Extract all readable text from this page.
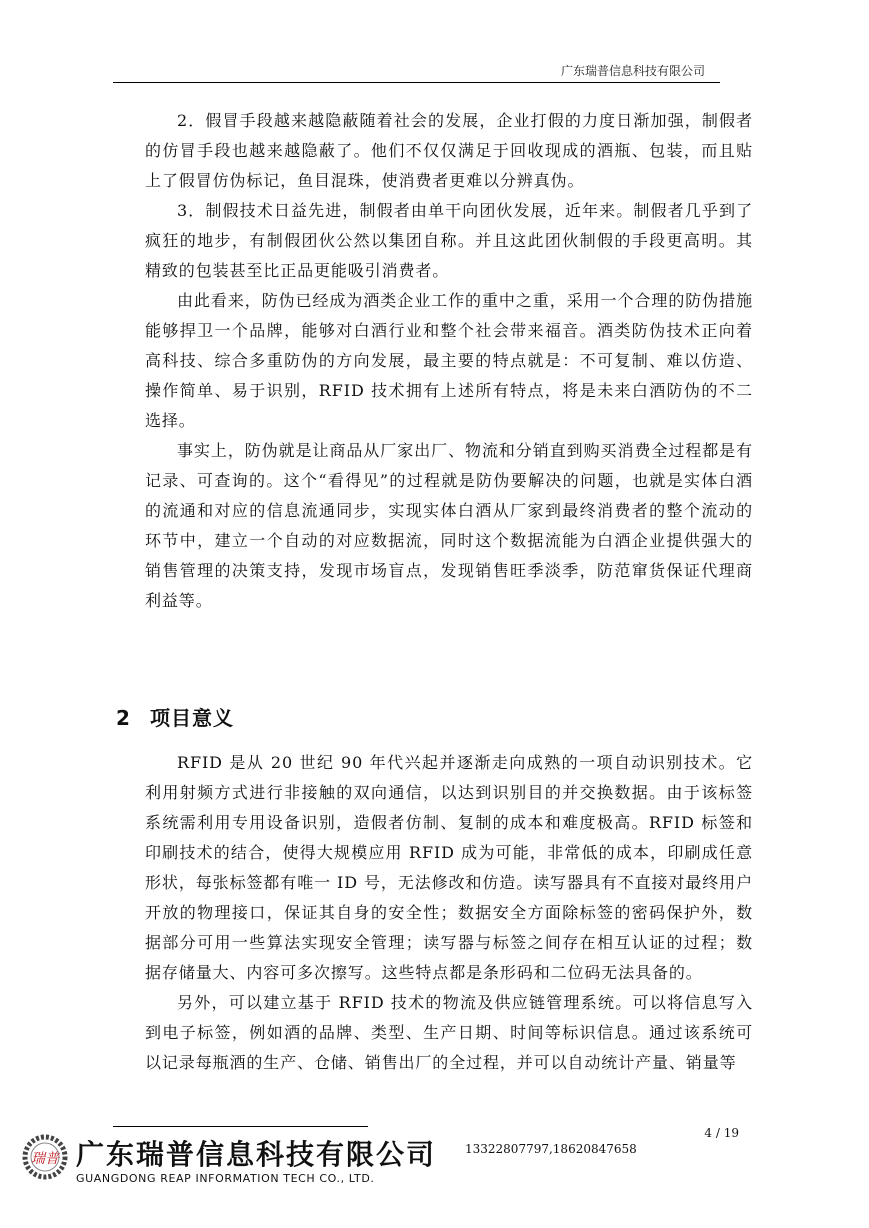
广东瑞普信息科技有限公司

2．假冒手段越来越隐蔽随着社会的发展，企业打假的力度日渐加强，制假者的仿冒手段也越来越隐蔽了。他们不仅仅满足于回收现成的酒瓶、包装，而且贴上了假冒仿伪标记，鱼目混珠，使消费者更难以分辨真伪。

3．制假技术日益先进，制假者由单干向团伙发展，近年来。制假者几乎到了疯狂的地步，有制假团伙公然以集团自称。并且这此团伙制假的手段更高明。其精致的包装甚至比正品更能吸引消费者。

由此看来，防伪已经成为酒类企业工作的重中之重，采用一个合理的防伪措施能够捍卫一个品牌，能够对白酒行业和整个社会带来福音。酒类防伪技术正向着高科技、综合多重防伪的方向发展，最主要的特点就是：不可复制、难以仿造、操作简单、易于识别，RFID 技术拥有上述所有特点，将是未来白酒防伪的不二选择。

事实上，防伪就是让商品从厂家出厂、物流和分销直到购买消费全过程都是有记录、可查询的。这个“看得见”的过程就是防伪要解决的问题，也就是实体白酒的流通和对应的信息流通同步，实现实体白酒从厂家到最终消费者的整个流动的环节中，建立一个自动的对应数据流，同时这个数据流能为白酒企业提供强大的销售管理的决策支持，发现市场盲点，发现销售旺季淡季，防范窜货保证代理商利益等。

2 项目意义

RFID 是从 20 世纪 90 年代兴起并逐渐走向成熟的一项自动识别技术。它利用射频方式进行非接触的双向通信，以达到识别目的并交换数据。由于该标签系统需利用专用设备识别，造假者仿制、复制的成本和难度极高。RFID 标签和印刷技术的结合，使得大规模应用 RFID 成为可能，非常低的成本，印刷成任意形状，每张标签都有唯一 ID 号，无法修改和仿造。读写器具有不直接对最终用户开放的物理接口，保证其自身的安全性；数据安全方面除标签的密码保护外，数据部分可用一些算法实现安全管理；读写器与标签之间存在相互认证的过程；数据存储量大、内容可多次擦写。这些特点都是条形码和二位码无法具备的。

另外，可以建立基于 RFID 技术的物流及供应链管理系统。可以将信息写入到电子标签，例如酒的品牌、类型、生产日期、时间等标识信息。通过该系统可以记录每瓶酒的生产、仓储、销售出厂的全过程，并可以自动统计产量、销量等

4 / 19
13322807797,18620847658
瑞普 广东瑞普信息科技有限公司
GUANGDONG REAP INFORMATION TECH CO., LTD.
